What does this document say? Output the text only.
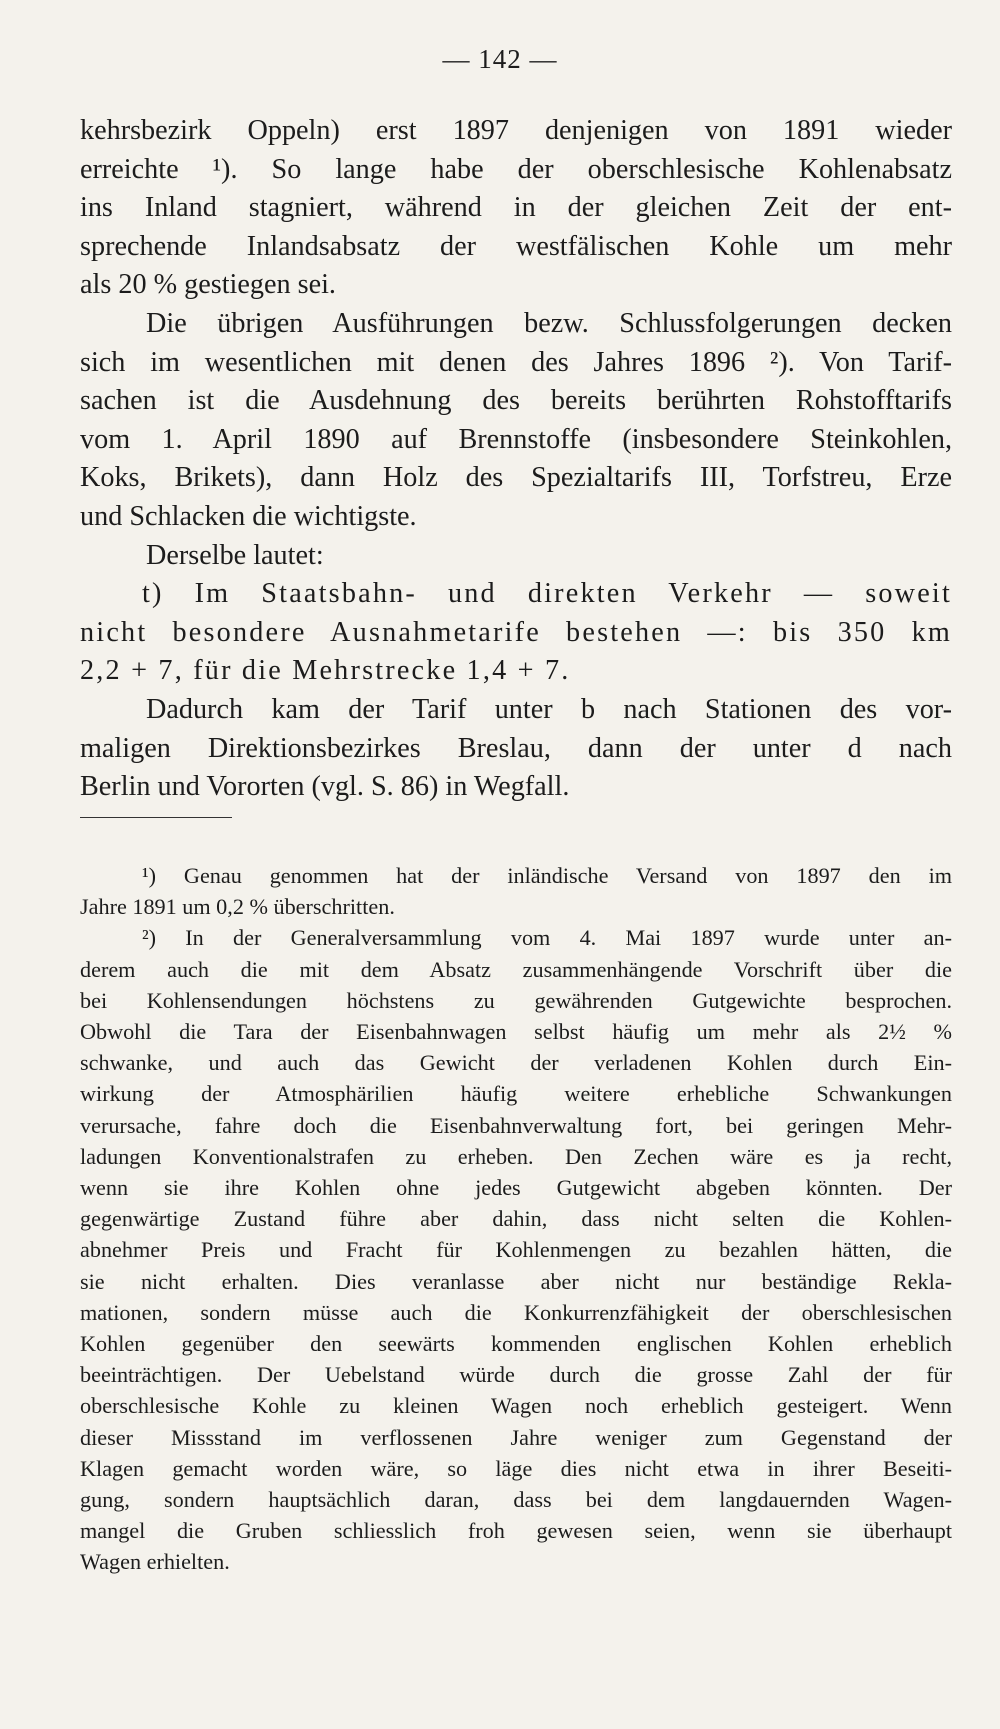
— 142 —

kehrsbezirk Oppeln) erst 1897 denjenigen von 1891 wieder
erreichte ¹). So lange habe der oberschlesische Kohlenabsatz
ins Inland stagniert, während in der gleichen Zeit der ent-
sprechende Inlandsabsatz der westfälischen Kohle um mehr
als 20 % gestiegen sei.

Die übrigen Ausführungen bezw. Schlussfolgerungen decken
sich im wesentlichen mit denen des Jahres 1896 ²). Von Tarif-
sachen ist die Ausdehnung des bereits berührten Rohstofftarifs
vom 1. April 1890 auf Brennstoffe (insbesondere Steinkohlen,
Koks, Brikets), dann Holz des Spezialtarifs III, Torfstreu, Erze
und Schlacken die wichtigste.

Derselbe lautet:

t) Im Staatsbahn- und direkten Verkehr — soweit
nicht besondere Ausnahmetarife bestehen —: bis 350 km
2,2 + 7, für die Mehrstrecke 1,4 + 7.

Dadurch kam der Tarif unter b nach Stationen des vor-
maligen Direktionsbezirkes Breslau, dann der unter d nach
Berlin und Vororten (vgl. S. 86) in Wegfall.

¹) Genau genommen hat der inländische Versand von 1897 den im
Jahre 1891 um 0,2 % überschritten.

²) In der Generalversammlung vom 4. Mai 1897 wurde unter an-
derem auch die mit dem Absatz zusammenhängende Vorschrift über die
bei Kohlensendungen höchstens zu gewährenden Gutgewichte besprochen.
Obwohl die Tara der Eisenbahnwagen selbst häufig um mehr als 2½ %
schwanke, und auch das Gewicht der verladenen Kohlen durch Ein-
wirkung der Atmosphärilien häufig weitere erhebliche Schwankungen
verursache, fahre doch die Eisenbahnverwaltung fort, bei geringen Mehr-
ladungen Konventionalstrafen zu erheben. Den Zechen wäre es ja recht,
wenn sie ihre Kohlen ohne jedes Gutgewicht abgeben könnten. Der
gegenwärtige Zustand führe aber dahin, dass nicht selten die Kohlen-
abnehmer Preis und Fracht für Kohlenmengen zu bezahlen hätten, die
sie nicht erhalten. Dies veranlasse aber nicht nur beständige Rekla-
mationen, sondern müsse auch die Konkurrenzfähigkeit der oberschlesischen
Kohlen gegenüber den seewärts kommenden englischen Kohlen erheblich
beeinträchtigen. Der Uebelstand würde durch die grosse Zahl der für
oberschlesische Kohle zu kleinen Wagen noch erheblich gesteigert. Wenn
dieser Missstand im verflossenen Jahre weniger zum Gegenstand der
Klagen gemacht worden wäre, so läge dies nicht etwa in ihrer Beseiti-
gung, sondern hauptsächlich daran, dass bei dem langdauernden Wagen-
mangel die Gruben schliesslich froh gewesen seien, wenn sie überhaupt
Wagen erhielten.
